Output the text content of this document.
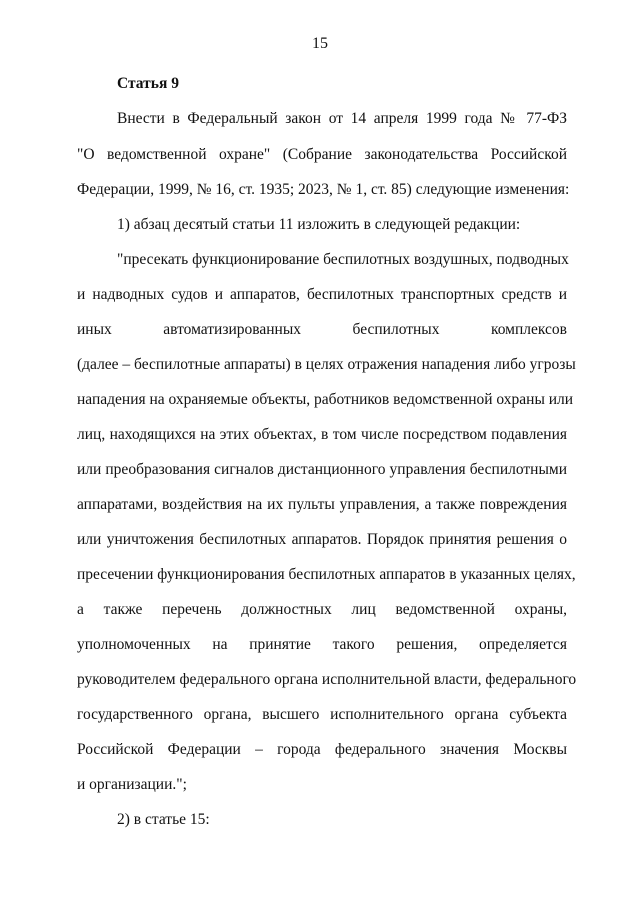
15
Статья 9
Внести в Федеральный закон от 14 апреля 1999 года № 77-ФЗ
"О ведомственной охране" (Собрание законодательства Российской
Федерации, 1999, № 16, ст. 1935; 2023, № 1, ст. 85) следующие изменения:
1) абзац десятый статьи 11 изложить в следующей редакции:
"пресекать функционирование беспилотных воздушных, подводных
и надводных судов и аппаратов, беспилотных транспортных средств и
иных автоматизированных беспилотных комплексов
(далее – беспилотные аппараты) в целях отражения нападения либо угрозы
нападения на охраняемые объекты, работников ведомственной охраны или
лиц, находящихся на этих объектах, в том числе посредством подавления
или преобразования сигналов дистанционного управления беспилотными
аппаратами, воздействия на их пульты управления, а также повреждения
или уничтожения беспилотных аппаратов. Порядок принятия решения о
пресечении функционирования беспилотных аппаратов в указанных целях,
а также перечень должностных лиц ведомственной охраны,
уполномоченных на принятие такого решения, определяется
руководителем федерального органа исполнительной власти, федерального
государственного органа, высшего исполнительного органа субъекта
Российской Федерации – города федерального значения Москвы
и организации.";
2) в статье 15:
